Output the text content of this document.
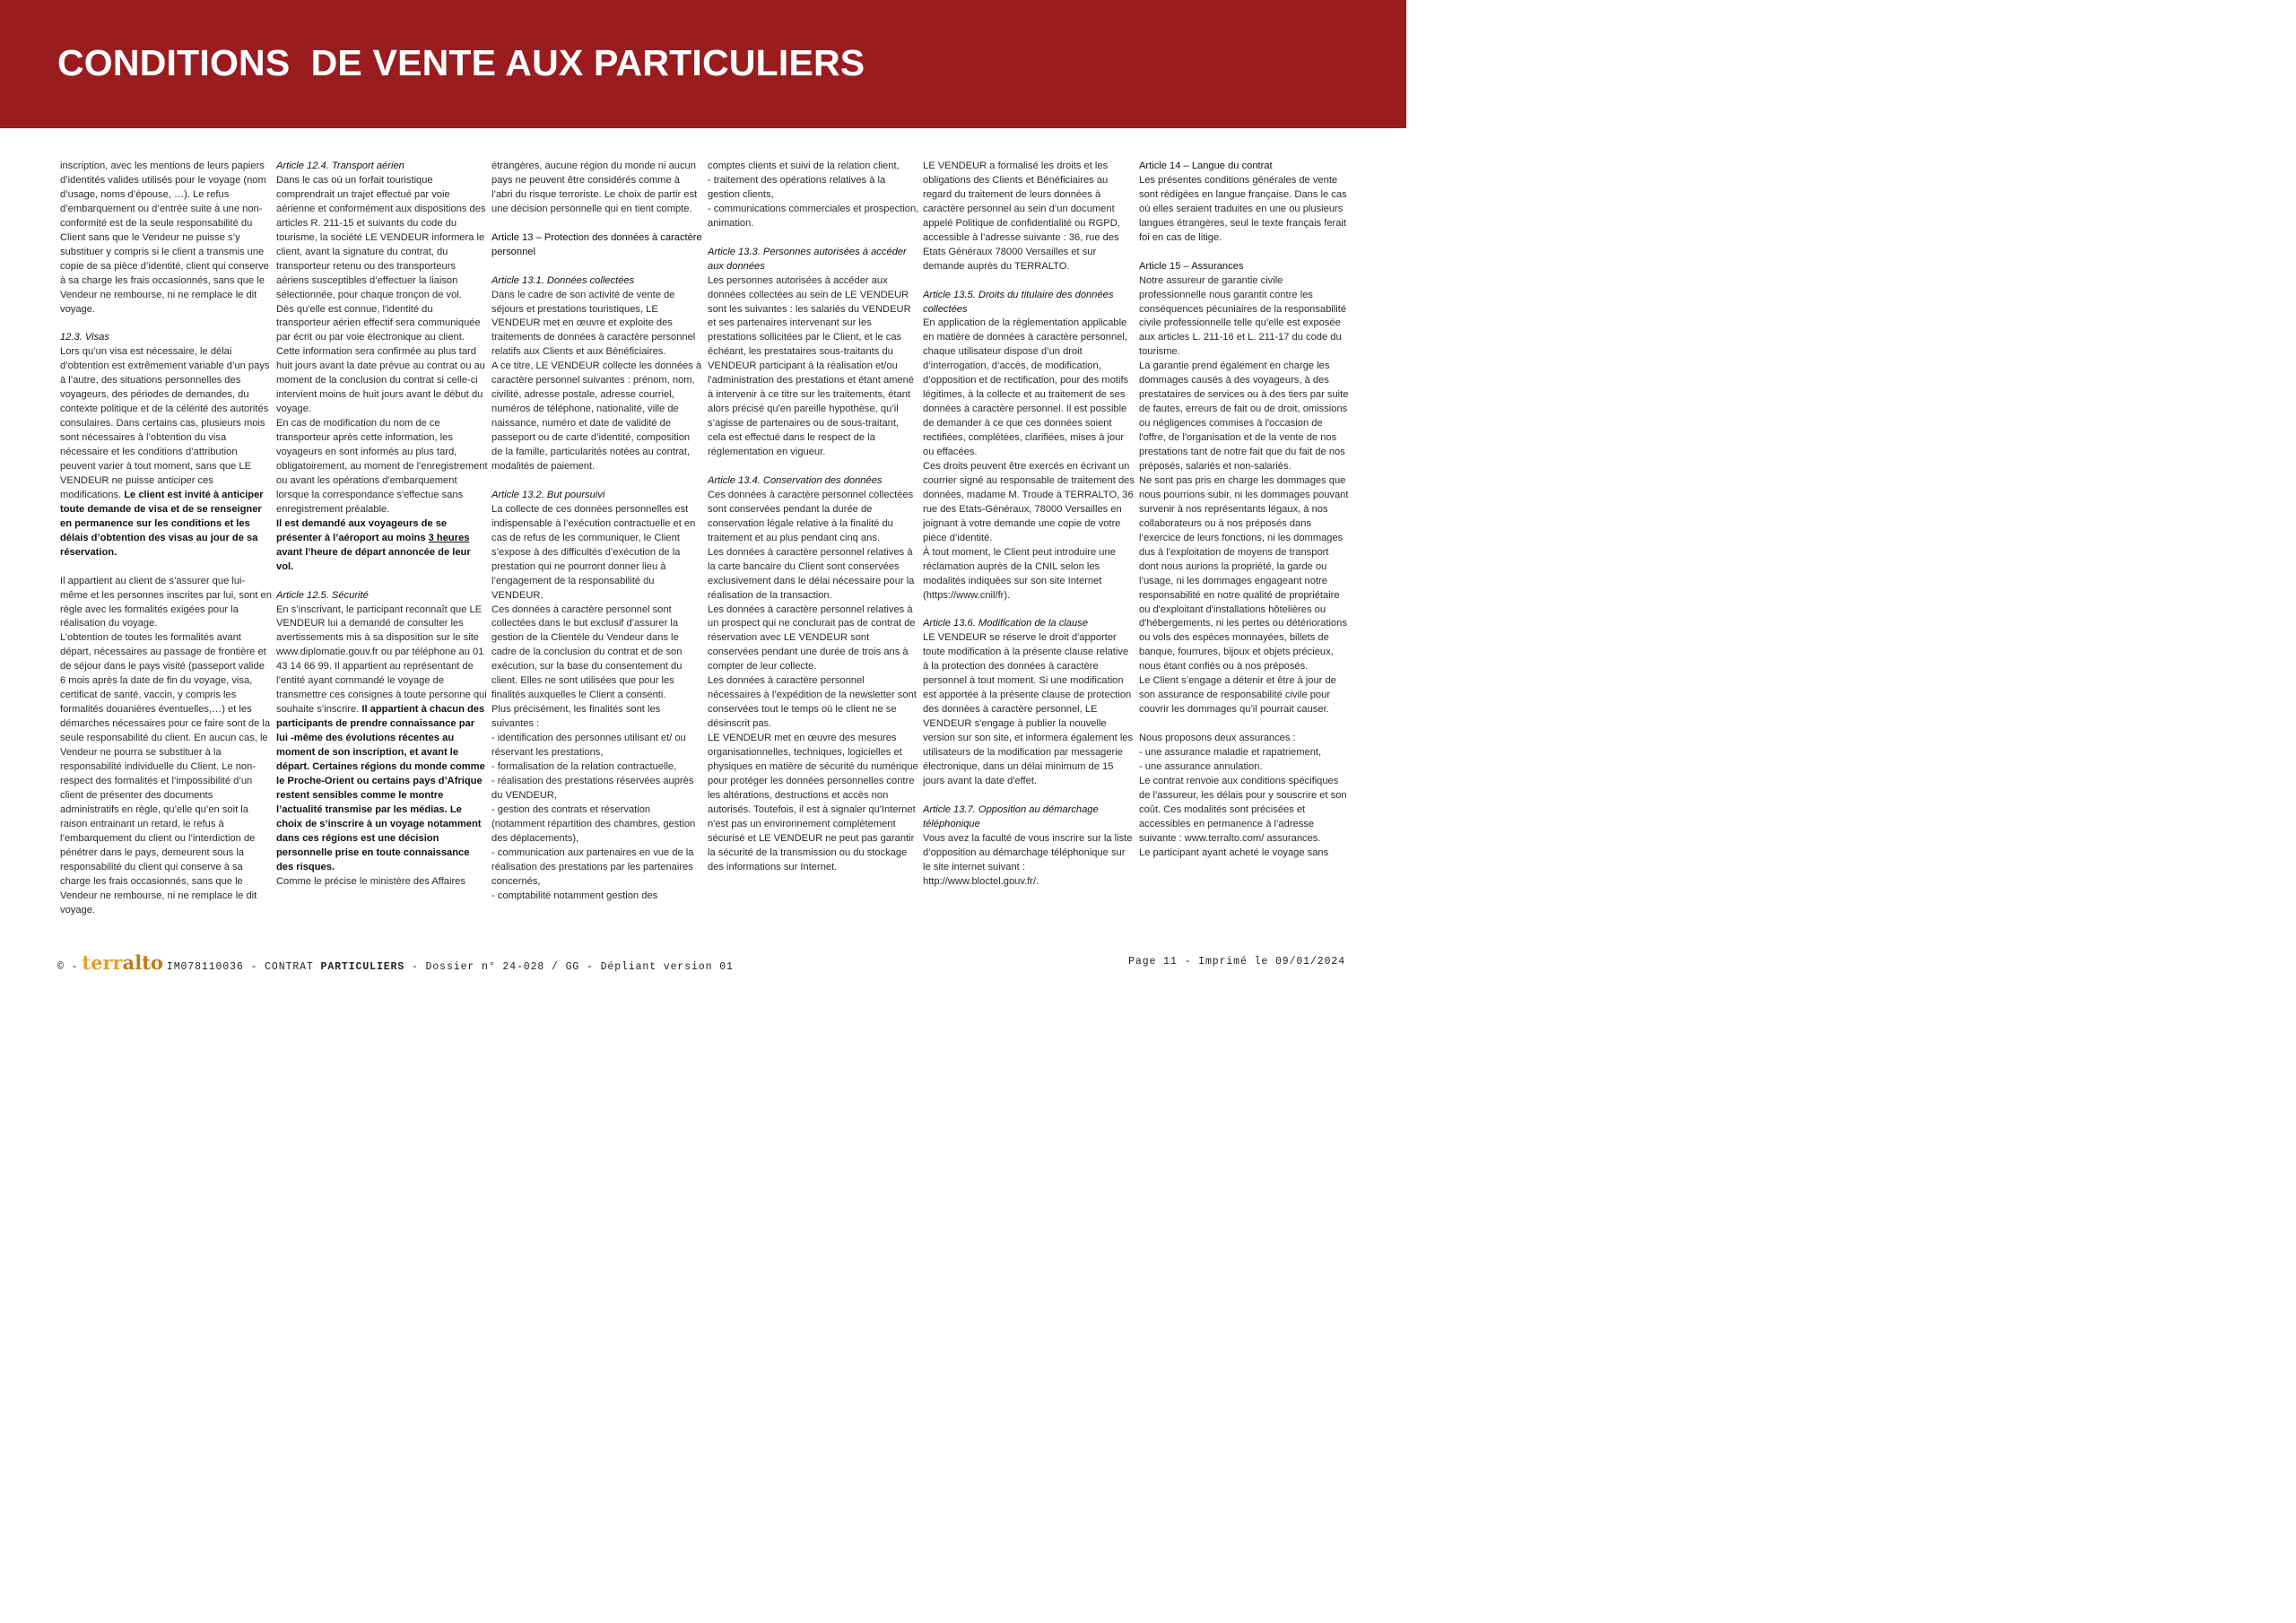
CONDITIONS  DE VENTE AUX PARTICULIERS

inscription, avec les mentions de leurs papiers d’identités valides utilisés pour le voyage (nom d’usage, noms d’épouse, …). Le refus d’embarquement ou d’entrée suite à une non-conformité est de la seule responsabilité du Client sans que le Vendeur ne puisse s’y substituer y compris si le client a transmis une copie de sa pièce d’identité, client qui conserve à sa charge les frais occasionnés, sans que le Vendeur ne rembourse, ni ne remplace le dit voyage.

12.3. Visas

Lors qu’un visa est nécessaire, le délai d’obtention est extrêmement variable d’un pays à l’autre, des situations personnelles des voyageurs, des périodes de demandes, du contexte politique et de la célérité des autorités consulaires. Dans certains cas, plusieurs mois sont nécessaires à l’obtention du visa nécessaire et les conditions d’attribution peuvent varier à tout moment, sans que LE VENDEUR ne puisse anticiper ces modifications. Le client est invité à anticiper toute demande de visa et de se renseigner en permanence sur les conditions et les délais d’obtention des visas au jour de sa réservation.

Il appartient au client de s’assurer que lui-même et les personnes inscrites par lui, sont en règle avec les formalités exigées pour la réalisation du voyage.

L’obtention de toutes les formalités avant départ, nécessaires au passage de frontière et de séjour dans le pays visité (passeport valide 6 mois après la date de fin du voyage, visa, certificat de santé, vaccin, y compris les formalités douanières éventuelles,…) et les démarches nécessaires pour ce faire sont de la seule responsabilité du client. En aucun cas, le Vendeur ne pourra se substituer à la responsabilité individuelle du Client. Le non-respect des formalités et l’impossibilité d’un client de présenter des documents administratifs en règle, qu’elle qu’en soit la raison entrainant un retard, le refus à l’embarquement du client ou l’interdiction de pénétrer dans le pays, demeurent sous la responsabilité du client qui conserve à sa charge les frais occasionnés, sans que le Vendeur ne rembourse, ni ne remplace le dit voyage.

Article 12.4. Transport aérien

Dans le cas où un forfait touristique comprendrait un trajet effectué par voie aérienne et conformément aux dispositions des articles R. 211-15 et suivants du code du tourisme, la société LE VENDEUR informera le client, avant la signature du contrat, du transporteur retenu ou des transporteurs aériens susceptibles d’effectuer la liaison sélectionnée, pour chaque tronçon de vol.

Dès qu'elle est connue, l'identité du transporteur aérien effectif sera communiquée par écrit ou par voie électronique au client. Cette information sera confirmée au plus tard huit jours avant la date prévue au contrat ou au moment de la conclusion du contrat si celle-ci intervient moins de huit jours avant le début du voyage.

En cas de modification du nom de ce transporteur après cette information, les voyageurs en sont informés au plus tard, obligatoirement, au moment de l'enregistrement ou avant les opérations d'embarquement lorsque la correspondance s'effectue sans enregistrement préalable.

Il est demandé aux voyageurs de se présenter à l’aéroport au moins 3 heures avant l’heure de départ annoncée de leur vol.

Article 12.5. Sécurité

En s’inscrivant, le participant reconnaît que LE VENDEUR lui a demandé de consulter les avertissements mis à sa disposition sur le site www.diplomatie.gouv.fr ou par téléphone au 01 43 14 66 99. Il appartient au représentant de l’entité ayant commandé le voyage de transmettre ces consignes à toute personne qui souhaite s’inscrire. Il appartient à chacun des participants de prendre connaissance par lui -même des évolutions récentes au moment de son inscription, et avant le départ. Certaines régions du monde comme le Proche-Orient ou certains pays d’Afrique restent sensibles comme le montre l’actualité transmise par les médias. Le choix de s’inscrire à un voyage notamment dans ces régions est une décision personnelle prise en toute connaissance des risques.

Comme le précise le ministère des Affaires

étrangères, aucune région du monde ni aucun pays ne peuvent être considérés comme à l’abri du risque terroriste. Le choix de partir est une décision personnelle qui en tient compte.

Article 13 – Protection des données à caractère personnel

Article 13.1. Données collectées

Dans le cadre de son activité de vente de séjours et prestations touristiques, LE VENDEUR met en œuvre et exploite des traitements de données à caractère personnel relatifs aux Clients et aux Bénéficiaires.

A ce titre, LE VENDEUR collecte les données à caractère personnel suivantes : prénom, nom, civilité, adresse postale, adresse courriel, numéros de téléphone, nationalité, ville de naissance, numéro et date de validité de passeport ou de carte d’identité, composition de la famille, particularités notées au contrat, modalités de paiement.

Article 13.2. But poursuivi

La collecte de ces données personnelles est indispensable à l’exécution contractuelle et en cas de refus de les communiquer, le Client s’expose à des difficultés d’exécution de la prestation qui ne pourront donner lieu à l’engagement de la responsabilité du VENDEUR.

Ces données à caractère personnel sont collectées dans le but exclusif d’assurer la gestion de la Clientèle du Vendeur dans le cadre de la conclusion du contrat et de son exécution, sur la base du consentement du client. Elles ne sont utilisées que pour les finalités auxquelles le Client a consenti.

Plus précisément, les finalités sont les suivantes :

- identification des personnes utilisant et/ ou réservant les prestations,

- formalisation de la relation contractuelle,

- réalisation des prestations réservées auprès du VENDEUR,

- gestion des contrats et réservation (notamment répartition des chambres, gestion des déplacements),

- communication aux partenaires en vue de la réalisation des prestations par les partenaires concernés,

- comptabilité notamment gestion des

comptes clients et suivi de la relation client,

- traitement des opérations relatives à la gestion clients,

- communications commerciales et prospection, animation.

Article 13.3. Personnes autorisées à accéder aux données

Les personnes autorisées à accéder aux données collectées au sein de LE VENDEUR sont les suivantes : les salariés du VENDEUR et ses partenaires intervenant sur les prestations sollicitées par le Client, et le cas échéant, les prestataires sous-traitants du VENDEUR participant à la réalisation et/ou l'administration des prestations et étant amené à intervenir à ce titre sur les traitements, étant alors précisé qu'en pareille hypothèse, qu’il s’agisse de partenaires ou de sous-traitant, cela est effectué dans le respect de la réglementation en vigueur.

Article 13.4. Conservation des données

Ces données à caractère personnel collectées sont conservées pendant la durée de conservation légale relative à la finalité du traitement et au plus pendant cinq ans.

Les données à caractère personnel relatives à la carte bancaire du Client sont conservées exclusivement dans le délai nécessaire pour la réalisation de la transaction.

Les données à caractère personnel relatives à un prospect qui ne conclurait pas de contrat de réservation avec LE VENDEUR sont conservées pendant une durée de trois ans à compter de leur collecte.

Les données à caractère personnel nécessaires à l’expédition de la newsletter sont conservées tout le temps où le client ne se désinscrit pas.

LE VENDEUR met en œuvre des mesures organisationnelles, techniques, logicielles et physiques en matière de sécurité du numérique pour protéger les données personnelles contre les altérations, destructions et accès non autorisés. Toutefois, il est à signaler qu'Internet n'est pas un environnement complètement sécurisé et LE VENDEUR ne peut pas garantir la sécurité de la transmission ou du stockage des informations sur Internet.

LE VENDEUR a formalisé les droits et les obligations des Clients et Bénéficiaires au regard du traitement de leurs données à caractère personnel au sein d’un document appelé Politique de confidentialité ou RGPD, accessible à l’adresse suivante : 36, rue des Etats Généraux 78000 Versailles et sur demande auprès du TERRALTO.

Article 13.5. Droits du titulaire des données collectées

En application de la règlementation applicable en matière de données à caractère personnel, chaque utilisateur dispose d’un droit d’interrogation, d’accès, de modification, d’opposition et de rectification, pour des motifs légitimes, à la collecte et au traitement de ses données à caractère personnel. Il est possible de demander à ce que ces données soient rectifiées, complétées, clarifiées, mises à jour ou effacées.

Ces droits peuvent être exercés en écrivant un courrier signé au responsable de traitement des données, madame M. Troude à TERRALTO, 36 rue des Etats-Généraux, 78000 Versailles en joignant à votre demande une copie de votre pièce d’identité.

À tout moment, le Client peut introduire une réclamation auprès de la CNIL selon les modalités indiquées sur son site Internet (https://www.cnil/fr).

Article 13.6. Modification de la clause

LE VENDEUR se réserve le droit d'apporter toute modification à la présente clause relative à la protection des données à caractère personnel à tout moment. Si une modification est apportée à la présente clause de protection des données à caractère personnel, LE VENDEUR s'engage à publier la nouvelle version sur son site, et informera également les utilisateurs de la modification par messagerie électronique, dans un délai minimum de 15 jours avant la date d'effet.

Article 13.7. Opposition au démarchage téléphonique

Vous avez la faculté de vous inscrire sur la liste d’opposition au démarchage téléphonique sur le site internet suivant : http://www.bloctel.gouv.fr/.

Article 14 – Langue du contrat

Les présentes conditions générales de vente sont rédigées en langue française. Dans le cas où elles seraient traduites en une ou plusieurs langues étrangères, seul le texte français ferait foi en cas de litige.

Article 15 – Assurances

Notre assureur de garantie civile professionnelle nous garantit contre les conséquences pécuniaires de la responsabilité civile professionnelle telle qu’elle est exposée aux articles L. 211-16 et L. 211-17 du code du tourisme.

La garantie prend également en charge les dommages causés à des voyageurs, à des prestataires de services ou à des tiers par suite de fautes, erreurs de fait ou de droit, omissions ou négligences commises à l'occasion de l'offre, de l'organisation et de la vente de nos prestations tant de notre fait que du fait de nos préposés, salariés et non-salariés.

Ne sont pas pris en charge les dommages que nous pourrions subir, ni les dommages pouvant survenir à nos représentants légaux, à nos collaborateurs ou à nos préposés dans l’exercice de leurs fonctions, ni les dommages dus à l'exploitation de moyens de transport dont nous aurions la propriété, la garde ou l’usage, ni les dommages engageant notre responsabilité en notre qualité de propriétaire ou d'exploitant d'installations hôtelières ou d'hébergements, ni les pertes ou détériorations ou vols des espèces monnayées, billets de banque, fourrures, bijoux et objets précieux, nous étant confiés ou à nos préposés.

Le Client s’engage a détenir et être à jour de son assurance de responsabilité civile pour couvrir les dommages qu’il pourrait causer.

Nous proposons deux assurances :

- une assurance maladie et rapatriement,

- une assurance annulation.

Le contrat renvoie aux conditions spécifiques de l’assureur, les délais pour y souscrire et son coût. Ces modalités sont précisées et accessibles en permanence à l’adresse suivante : www.terralto.com/ assurances.

Le participant ayant acheté le voyage sans

© - terralto IM078110036 - CONTRAT PARTICULIERS - Dossier n° 24-028 / GG - Dépliant version 01	Page 11 - Imprimé le 09/01/2024
